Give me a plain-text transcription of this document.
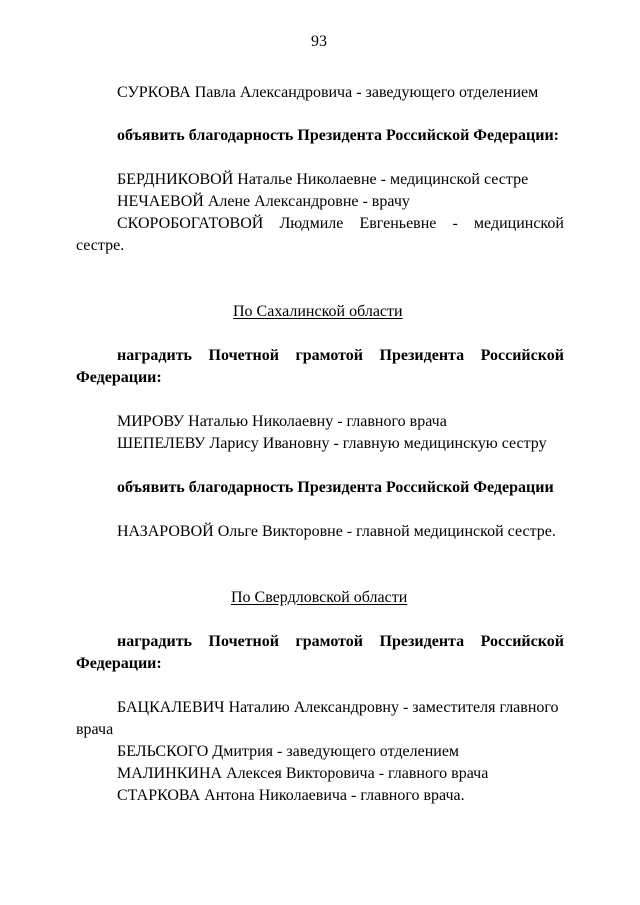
93
СУРКОВА Павла Александровича - заведующего отделением
объявить благодарность Президента Российской Федерации:
БЕРДНИКОВОЙ Наталье Николаевне - медицинской сестре
НЕЧАЕВОЙ Алене Александровне - врачу
СКОРОБОГАТОВОЙ Людмиле Евгеньевне - медицинской
сестре.
По Сахалинской области
наградить Почетной грамотой Президента Российской
Федерации:
МИРОВУ Наталью Николаевну - главного врача
ШЕПЕЛЕВУ Ларису Ивановну - главную медицинскую сестру
объявить благодарность Президента Российской Федерации
НАЗАРОВОЙ Ольге Викторовне - главной медицинской сестре.
По Свердловской области
наградить Почетной грамотой Президента Российской
Федерации:
БАЦКАЛЕВИЧ Наталию Александровну - заместителя главного
врача
БЕЛЬСКОГО Дмитрия - заведующего отделением
МАЛИНКИНА Алексея Викторовича - главного врача
СТАРКОВА Антона Николаевича - главного врача.
